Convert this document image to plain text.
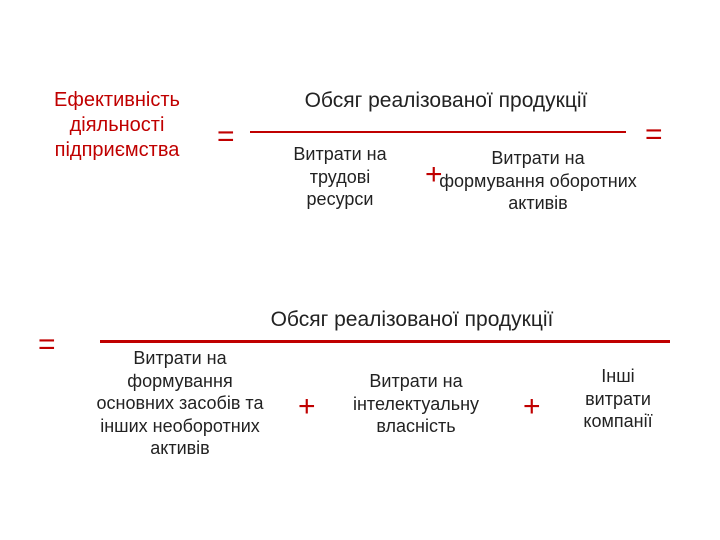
Ефективність діяльності підприємства	=
Обсяг реалізованої продукції
=
Витрати на трудові ресурси
+	Витрати на формування оборотних активів
=
Обсяг реалізованої продукції
Витрати на формування основних засобів та інших необоротних активів
+
Витрати на інтелектуальну власність
+
Інші витрати компанії
